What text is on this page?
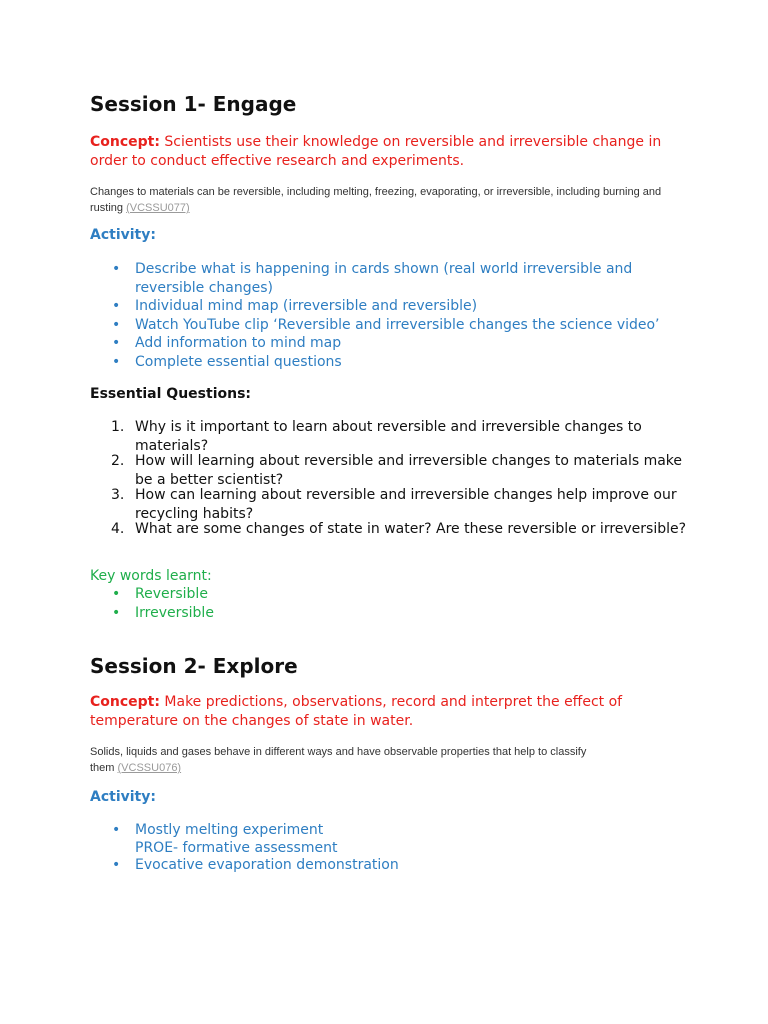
Session 1- Engage

Concept: Scientists use their knowledge on reversible and irreversible change in order to conduct effective research and experiments.

Changes to materials can be reversible, including melting, freezing, evaporating, or irreversible, including burning and rusting (VCSSU077)

Activity:
• Describe what is happening in cards shown (real world irreversible and reversible changes)
• Individual mind map (irreversible and reversible)
• Watch YouTube clip ‘Reversible and irreversible changes the science video’
• Add information to mind map
• Complete essential questions
Essential Questions:
1. Why is it important to learn about reversible and irreversible changes to materials?
2. How will learning about reversible and irreversible changes to materials make be a better scientist?
3. How can learning about reversible and irreversible changes help improve our recycling habits?
4. What are some changes of state in water? Are these reversible or irreversible?

Key words learnt:

• Reversible
• Irreversible
Session 2- Explore

Concept: Make predictions, observations, record and interpret the effect of temperature on the changes of state in water.

Solids, liquids and gases behave in different ways and have observable properties that help to classify them (VCSSU076)

Activity:
• Mostly melting experiment
PROE- formative assessment
• Evocative evaporation demonstration
